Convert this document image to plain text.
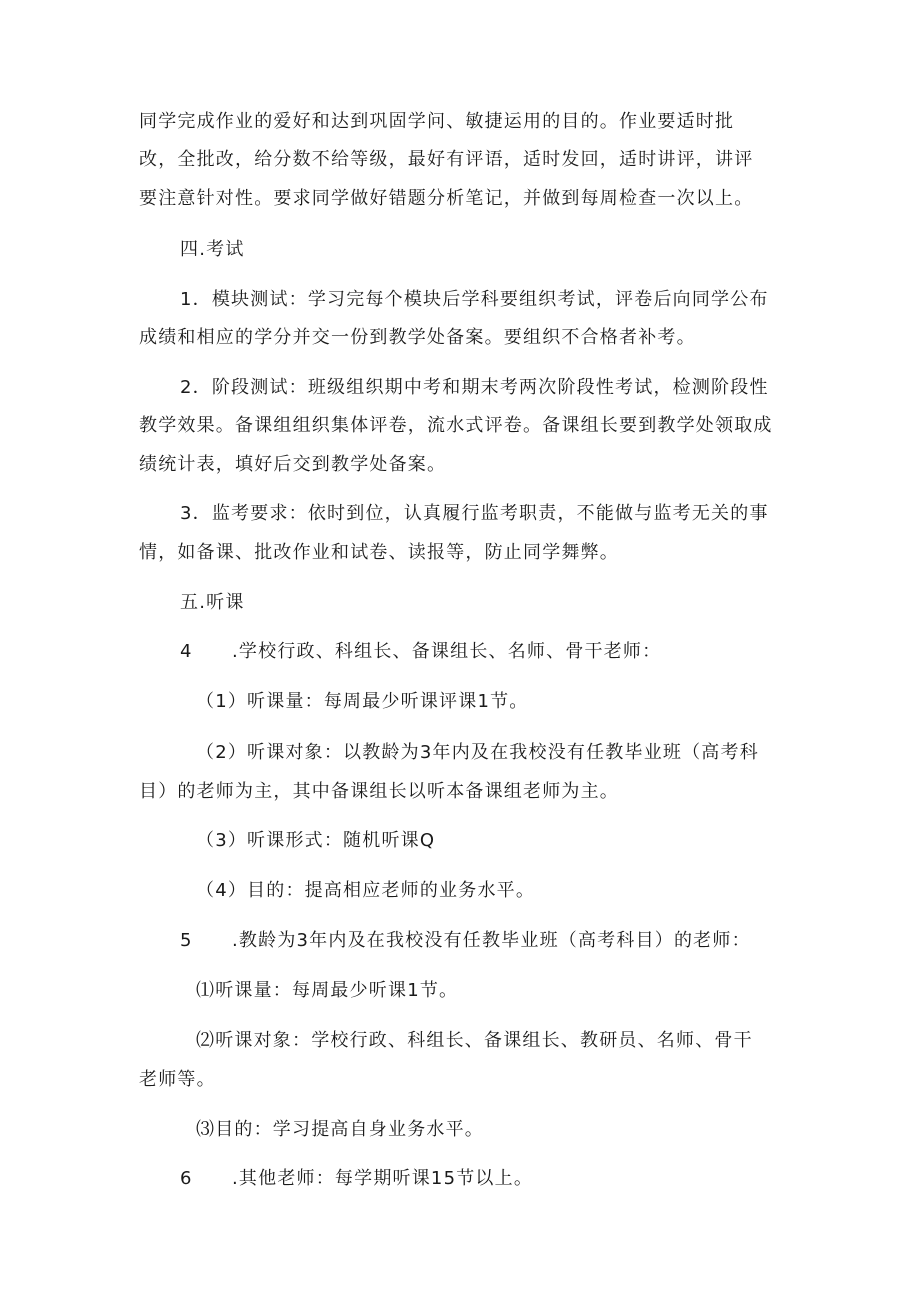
同学完成作业的爱好和达到巩固学问、敏捷运用的目的。作业要适时批
改，全批改，给分数不给等级，最好有评语，适时发回，适时讲评，讲评
要注意针对性。要求同学做好错题分析笔记，并做到每周检查一次以上。
四.考试
1．模块测试：学习完每个模块后学科要组织考试，评卷后向同学公布
成绩和相应的学分并交一份到教学处备案。要组织不合格者补考。
2．阶段测试：班级组织期中考和期末考两次阶段性考试，检测阶段性
教学效果。备课组组织集体评卷，流水式评卷。备课组长要到教学处领取成
绩统计表，填好后交到教学处备案。
3．监考要求：依时到位，认真履行监考职责，不能做与监考无关的事
情，如备课、批改作业和试卷、读报等，防止同学舞弊。
五.听课
4 .学校行政、科组长、备课组长、名师、骨干老师：
（1）听课量：每周最少听课评课1节。
（2）听课对象：以教龄为3年内及在我校没有任教毕业班（高考科
目）的老师为主，其中备课组长以听本备课组老师为主。
（3）听课形式：随机听课Q
（4）目的：提高相应老师的业务水平。
5 .教龄为3年内及在我校没有任教毕业班（高考科目）的老师：
⑴听课量：每周最少听课1节。
⑵听课对象：学校行政、科组长、备课组长、教研员、名师、骨干
老师等。
⑶目的：学习提高自身业务水平。
6 .其他老师：每学期听课15节以上。
